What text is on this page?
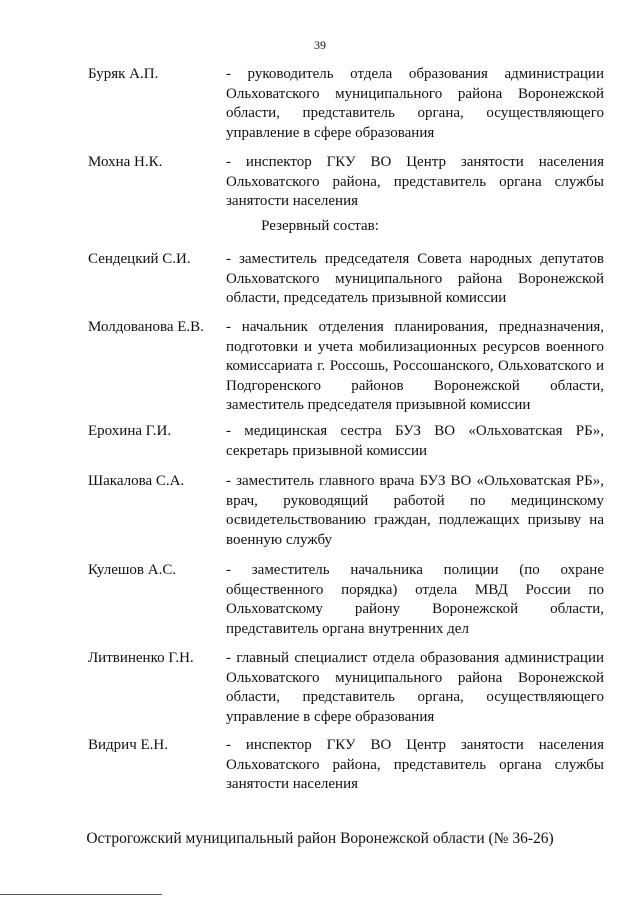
39
Буряк А.П.	- руководитель отдела образования администрации Ольховатского муниципального района Воронежской области, представитель органа, осуществляющего управление в сфере образования
Мохна Н.К.	- инспектор ГКУ ВО Центр занятости населения Ольховатского района, представитель органа службы занятости населения
Резервный состав:
Сендецкий С.И. - заместитель председателя Совета народных депутатов Ольховатского муниципального района Воронежской области, председатель призывной комиссии
Молдованова Е.В. - начальник отделения планирования, предназначения, подготовки и учета мобилизационных ресурсов военного комиссариата г. Россошь, Россошанского, Ольховатского и Подгоренского районов Воронежской области, заместитель председателя призывной комиссии
Ерохина Г.И.	- медицинская сестра БУЗ ВО «Ольховатская РБ», секретарь призывной комиссии
Шакалова С.А.	- заместитель главного врача БУЗ ВО «Ольховатская РБ», врач, руководящий работой по медицинскому освидетельствованию граждан, подлежащих призыву на военную службу
Кулешов А.С.	- заместитель начальника полиции (по охране общественного порядка) отдела МВД России по Ольховатскому району Воронежской области, представитель органа внутренних дел
Литвиненко Г.Н. - главный специалист отдела образования администрации Ольховатского муниципального района Воронежской области, представитель органа, осуществляющего управление в сфере образования
Видрич Е.Н.	- инспектор ГКУ ВО Центр занятости населения Ольховатского района, представитель органа службы занятости населения
Острогожский муниципальный район Воронежской области (№ 36-26)
